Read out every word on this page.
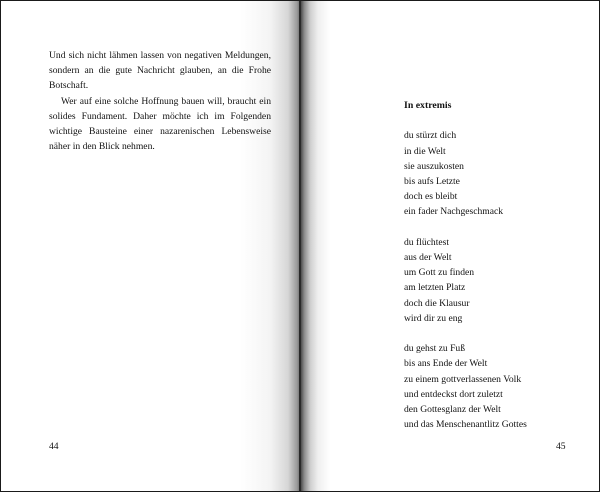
Und sich nicht lähmen lassen von negativen Meldungen, sondern an die gute Nachricht glauben, an die Frohe Botschaft.

Wer auf eine solche Hoffnung bauen will, braucht ein solides Fundament. Daher möchte ich im Folgenden wichtige Bausteine einer nazarenischen Lebensweise näher in den Blick nehmen.

44
In extremis
du stürzt dich
in die Welt
sie auszukosten
bis aufs Letzte
doch es bleibt
ein fader Nachgeschmack
du flüchtest
aus der Welt
um Gott zu finden
am letzten Platz
doch die Klausur
wird dir zu eng
du gehst zu Fuß
bis ans Ende der Welt
zu einem gottverlassenen Volk
und entdeckst dort zuletzt
den Gottesglanz der Welt
und das Menschenantlitz Gottes
45
